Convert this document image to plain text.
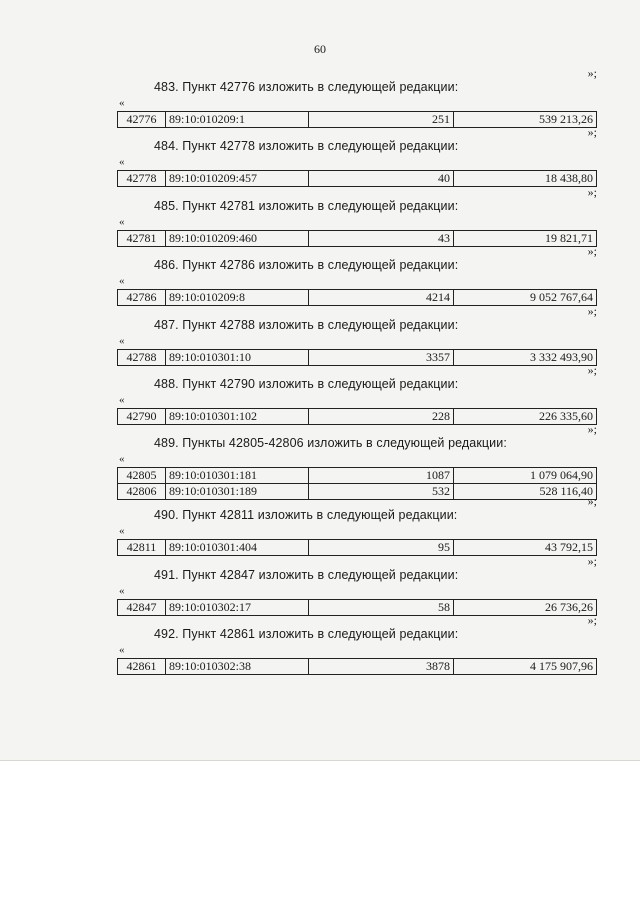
60
»;
483. Пункт 42776 изложить в следующей редакции:
«
42776	89:10:010209:1	251	539 213,26
»;
484. Пункт 42778 изложить в следующей редакции:
«
42778	89:10:010209:457	40	18 438,80
»;
485. Пункт 42781 изложить в следующей редакции:
«
42781	89:10:010209:460	43	19 821,71
»;
486. Пункт 42786 изложить в следующей редакции:
«
42786	89:10:010209:8	4214	9 052 767,64
»;
487. Пункт 42788 изложить в следующей редакции:
«
42788	89:10:010301:10	3357	3 332 493,90
»;
488. Пункт 42790 изложить в следующей редакции:
«
42790	89:10:010301:102	228	226 335,60
»;
489. Пункты 42805-42806 изложить в следующей редакции:
«
42805	89:10:010301:181	1087	1 079 064,90
42806	89:10:010301:189	532	528 116,40
»;
490. Пункт 42811 изложить в следующей редакции:
«
42811	89:10:010301:404	95	43 792,15
»;
491. Пункт 42847 изложить в следующей редакции:
«
42847	89:10:010302:17	58	26 736,26
»;
492. Пункт 42861 изложить в следующей редакции:
«
42861	89:10:010302:38	3878	4 175 907,96
